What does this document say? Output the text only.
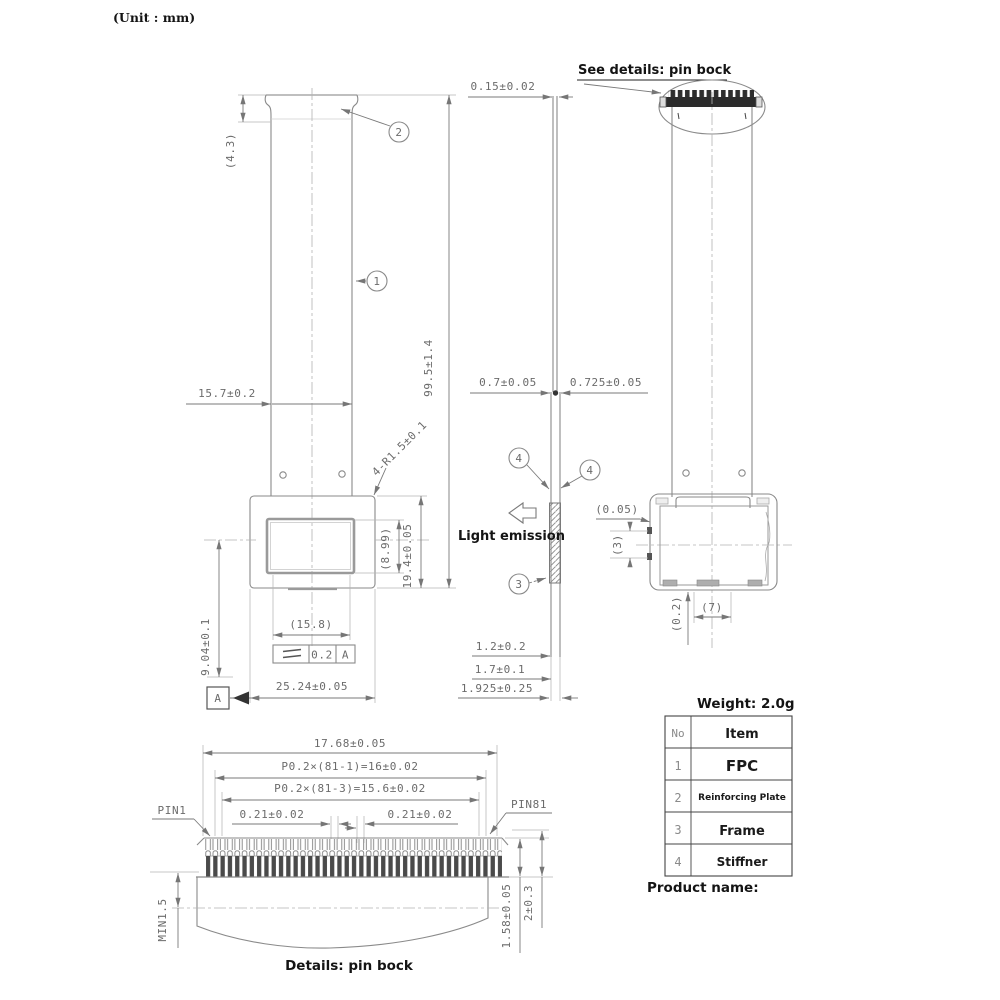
(Unit : mm)
(4.3)
2
1
15.7±0.2	99.5±1.4
4-R1.5±0.1
9.04±0.1
(8.99) 19.4±0.05
(15.8)
0.2 A
25.24±0.05
A
0.15±0.02
0.7±0.05	0.725±0.05
4
4
Light emission
3
1.2±0.2
1.7±0.1
1.925±0.25
See details: pin bock
(0.05)
(3)
(0.2) (7)
Weight: 2.0g
No	Item
1	FPC
2 Reinforcing Plate
3	Frame
4	Stiffner
Product name:
17.68±0.05
P0.2×(81-1)=16±0.02
P0.2×(81-3)=15.6±0.02
0.21±0.02	0.21±0.02
PIN1	PIN81
MIN1.5	1.58±0.05 2±0.3
Details: pin bock
